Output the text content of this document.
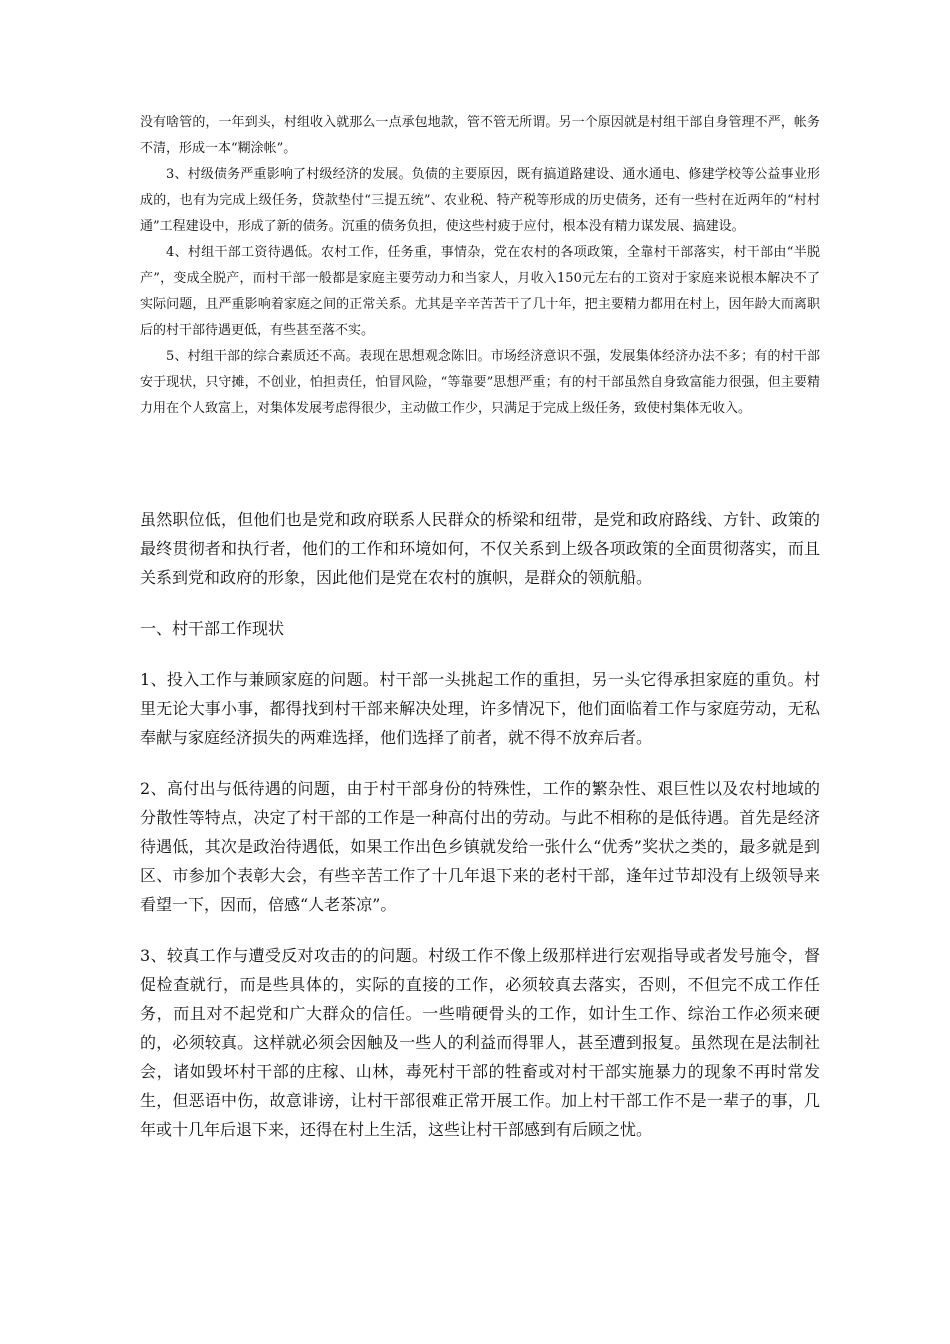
没有啥管的，一年到头，村组收入就那么一点承包地款，管不管无所谓。另一个原因就是村组干部自身管理不严，帐务不清，形成一本“糊涂帐”。

3、村级债务严重影响了村级经济的发展。负债的主要原因，既有搞道路建设、通水通电、修建学校等公益事业形成的，也有为完成上级任务，贷款垫付“三提五统”、农业税、特产税等形成的历史债务，还有一些村在近两年的“村村通”工程建设中，形成了新的债务。沉重的债务负担，使这些村疲于应付，根本没有精力谋发展、搞建设。

4、村组干部工资待遇低。农村工作，任务重，事情杂，党在农村的各项政策，全靠村干部落实，村干部由“半脱产”，变成全脱产，而村干部一般都是家庭主要劳动力和当家人，月收入150元左右的工资对于家庭来说根本解决不了实际问题，且严重影响着家庭之间的正常关系。尤其是辛辛苦苦干了几十年，把主要精力都用在村上，因年龄大而离职后的村干部待遇更低，有些甚至落不实。

5、村组干部的综合素质还不高。表现在思想观念陈旧。市场经济意识不强，发展集体经济办法不多；有的村干部安于现状，只守摊，不创业，怕担责任，怕冒风险，“等靠要”思想严重；有的村干部虽然自身致富能力很强，但主要精力用在个人致富上，对集体发展考虑得很少，主动做工作少，只满足于完成上级任务，致使村集体无收入。

虽然职位低，但他们也是党和政府联系人民群众的桥梁和纽带，是党和政府路线、方针、政策的最终贯彻者和执行者，他们的工作和环境如何，不仅关系到上级各项政策的全面贯彻落实，而且关系到党和政府的形象，因此他们是党在农村的旗帜，是群众的领航船。

一、村干部工作现状

1、投入工作与兼顾家庭的问题。村干部一头挑起工作的重担，另一头它得承担家庭的重负。村里无论大事小事，都得找到村干部来解决处理，许多情况下，他们面临着工作与家庭劳动，无私奉献与家庭经济损失的两难选择，他们选择了前者，就不得不放弃后者。

2、高付出与低待遇的问题，由于村干部身份的特殊性，工作的繁杂性、艰巨性以及农村地域的分散性等特点，决定了村干部的工作是一种高付出的劳动。与此不相称的是低待遇。首先是经济待遇低，其次是政治待遇低，如果工作出色乡镇就发给一张什么“优秀”奖状之类的，最多就是到区、市参加个表彰大会，有些辛苦工作了十几年退下来的老村干部，逢年过节却没有上级领导来看望一下，因而，倍感“人老茶凉”。

3、较真工作与遭受反对攻击的的问题。村级工作不像上级那样进行宏观指导或者发号施令，督促检查就行，而是些具体的，实际的直接的工作，必须较真去落实，否则，不但完不成工作任务，而且对不起党和广大群众的信任。一些啃硬骨头的工作，如计生工作、综治工作必须来硬的，必须较真。这样就必须会因触及一些人的利益而得罪人，甚至遭到报复。虽然现在是法制社会，诸如毁坏村干部的庄稼、山林，毒死村干部的牲畜或对村干部实施暴力的现象不再时常发生，但恶语中伤，故意诽谤，让村干部很难正常开展工作。加上村干部工作不是一辈子的事，几年或十几年后退下来，还得在村上生活，这些让村干部感到有后顾之忧。
